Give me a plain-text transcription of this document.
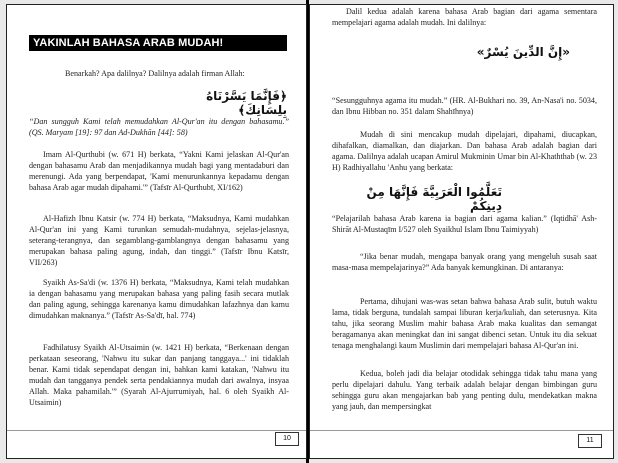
YAKINLAH BAHASA ARAB MUDAH!
Benarkah? Apa dalilnya? Dalilnya adalah firman Allah:
﴿فَإِنَّمَا يَسَّرْنَاهُ بِلِسَانِكَ﴾
“Dan sungguh Kami telah memudahkan Al-Qur'an itu dengan bahasamu.” (QS. Maryam [19]: 97 dan Ad-Dukhān [44]: 58)
Imam Al-Qurthubi (w. 671 H) berkata, “Yakni Kami jelaskan Al-Qur'an dengan bahasamu Arab dan menjadikannya mudah bagi yang mentadaburi dan merenungi. Ada yang berpendapat, 'Kami menurunkannya kepadamu dengan bahasa Arab agar mudah dipahami.'” (Tafsīr Al-Qurthubī, XI/162)
Al-Hafizh Ibnu Katsir (w. 774 H) berkata, “Maksudnya, Kami mudahkan Al-Qur'an ini yang Kami turunkan semudah-mudahnya, sejelas-jelasnya, seterang-terangnya, dan segamblang-gamblangnya dengan bahasamu yang merupakan bahasa paling agung, indah, dan tinggi.” (Tafsīr Ibnu Katsīr, VII/263)
Syaikh As-Sa'di (w. 1376 H) berkata, “Maksudnya, Kami telah mudahkan ia dengan bahasamu yang merupakan bahasa yang paling fasih secara mutlak dan paling agung, sehingga karenanya kamu dimudahkan lafazhnya dan kamu dimudahkan maknanya.” (Tafsīr As-Sa'dī, hal. 774)
Fadhilatusy Syaikh Al-Utsaimin (w. 1421 H) berkata, “Berkenaan dengan perkataan seseorang, 'Nahwu itu sukar dan panjang tanggaya...' ini tidaklah benar. Kami tidak sependapat dengan ini, bahkan kami katakan, 'Nahwu itu mudah dan tangganya pendek serta pendakiannya mudah dari awalnya, insyaa Allah. Maka pahamilah.'” (Syarah Al-Ajurrumiyah, hal. 6 oleh Syaikh Al-Utsaimin)
10
Dalil kedua adalah karena bahasa Arab bagian dari agama sementara mempelajari agama adalah mudah. Ini dalilnya:
«إِنَّ الدِّينَ يُسْرٌ»
“Sesungguhnya agama itu mudah.” (HR. Al-Bukhari no. 39, An-Nasa'i no. 5034, dan Ibnu Hibban no. 351 dalam Shahīhnya)
Mudah di sini mencakup mudah dipelajari, dipahami, diucapkan, dihafalkan, diamalkan, dan diajarkan. Dan bahasa Arab adalah bagian dari agama. Dalilnya adalah ucapan Amirul Mukminin Umar bin Al-Khaththab (w. 23 H) Radhiyallahu 'Anhu yang berkata:
تَعَلَّمُوا الْعَرَبِيَّةَ فَإِنَّهَا مِنْ دِينِكُمْ
“Pelajarilah bahasa Arab karena ia bagian dari agama kalian.” (Iqtidhā' Ash-Shirāt Al-Mustaqīm I/527 oleh Syaikhul Islam Ibnu Taimiyyah)
“Jika benar mudah, mengapa banyak orang yang mengeluh susah saat masa-masa mempelajarinya?” Ada banyak kemungkinan. Di antaranya:
Pertama, dihujani was-was setan bahwa bahasa Arab sulit, butuh waktu lama, tidak berguna, tundalah sampai liburan kerja/kuliah, dan seterusnya. Kita tahu, jika seorang Muslim mahir bahasa Arab maka kualitas dan semangat beragamanya akan meningkat dan ini sangat dibenci setan. Untuk itu dia sekuat tenaga menghalangi kaum Muslimin dari mempelajari bahasa Al-Qur'an ini.
Kedua, boleh jadi dia belajar otodidak sehingga tidak tahu mana yang perlu dipelajari dahulu. Yang terbaik adalah belajar dengan bimbingan guru sehingga guru akan mengajarkan bab yang penting dulu, mendekatkan makna yang jauh, dan mempersingkat
11
